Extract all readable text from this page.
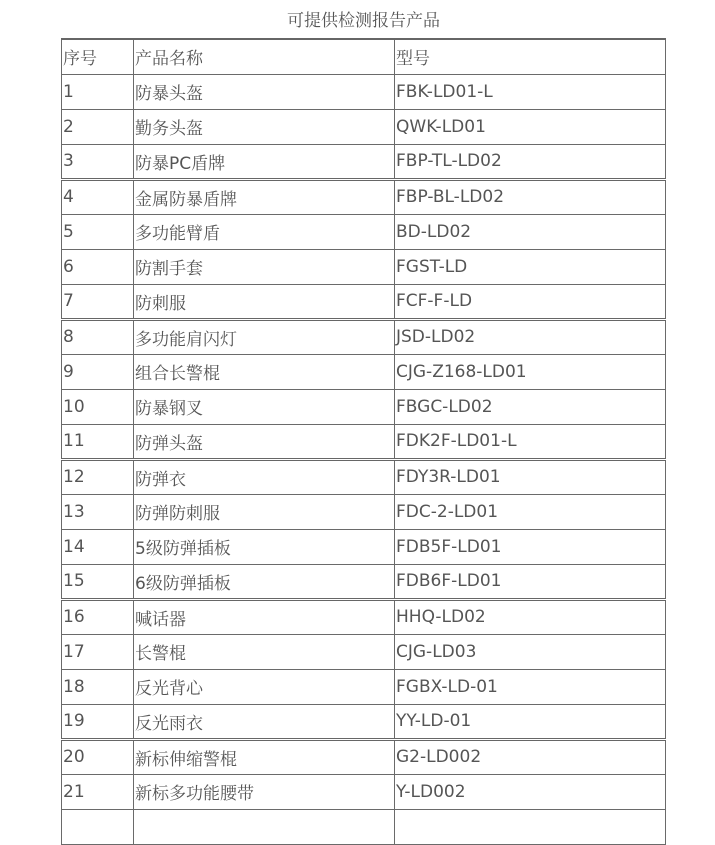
可提供检测报告产品
序号	产品名称	型号
1	防暴头盔	FBK-LD01-L
2	勤务头盔	QWK-LD01
3	防暴PC盾牌	FBP-TL-LD02
4	金属防暴盾牌	FBP-BL-LD02
5	多功能臂盾	BD-LD02
6	防割手套	FGST-LD
7	防刺服	FCF-F-LD
8	多功能肩闪灯	JSD-LD02
9	组合长警棍	CJG-Z168-LD01
10	防暴钢叉	FBGC-LD02
11	防弹头盔	FDK2F-LD01-L
12	防弹衣	FDY3R-LD01
13	防弹防刺服	FDC-2-LD01
14	5级防弹插板	FDB5F-LD01
15	6级防弹插板	FDB6F-LD01
16	喊话器	HHQ-LD02
17	长警棍	CJG-LD03
18	反光背心	FGBX-LD-01
19	反光雨衣	YY-LD-01
20	新标伸缩警棍	G2-LD002
21	新标多功能腰带	Y-LD002
